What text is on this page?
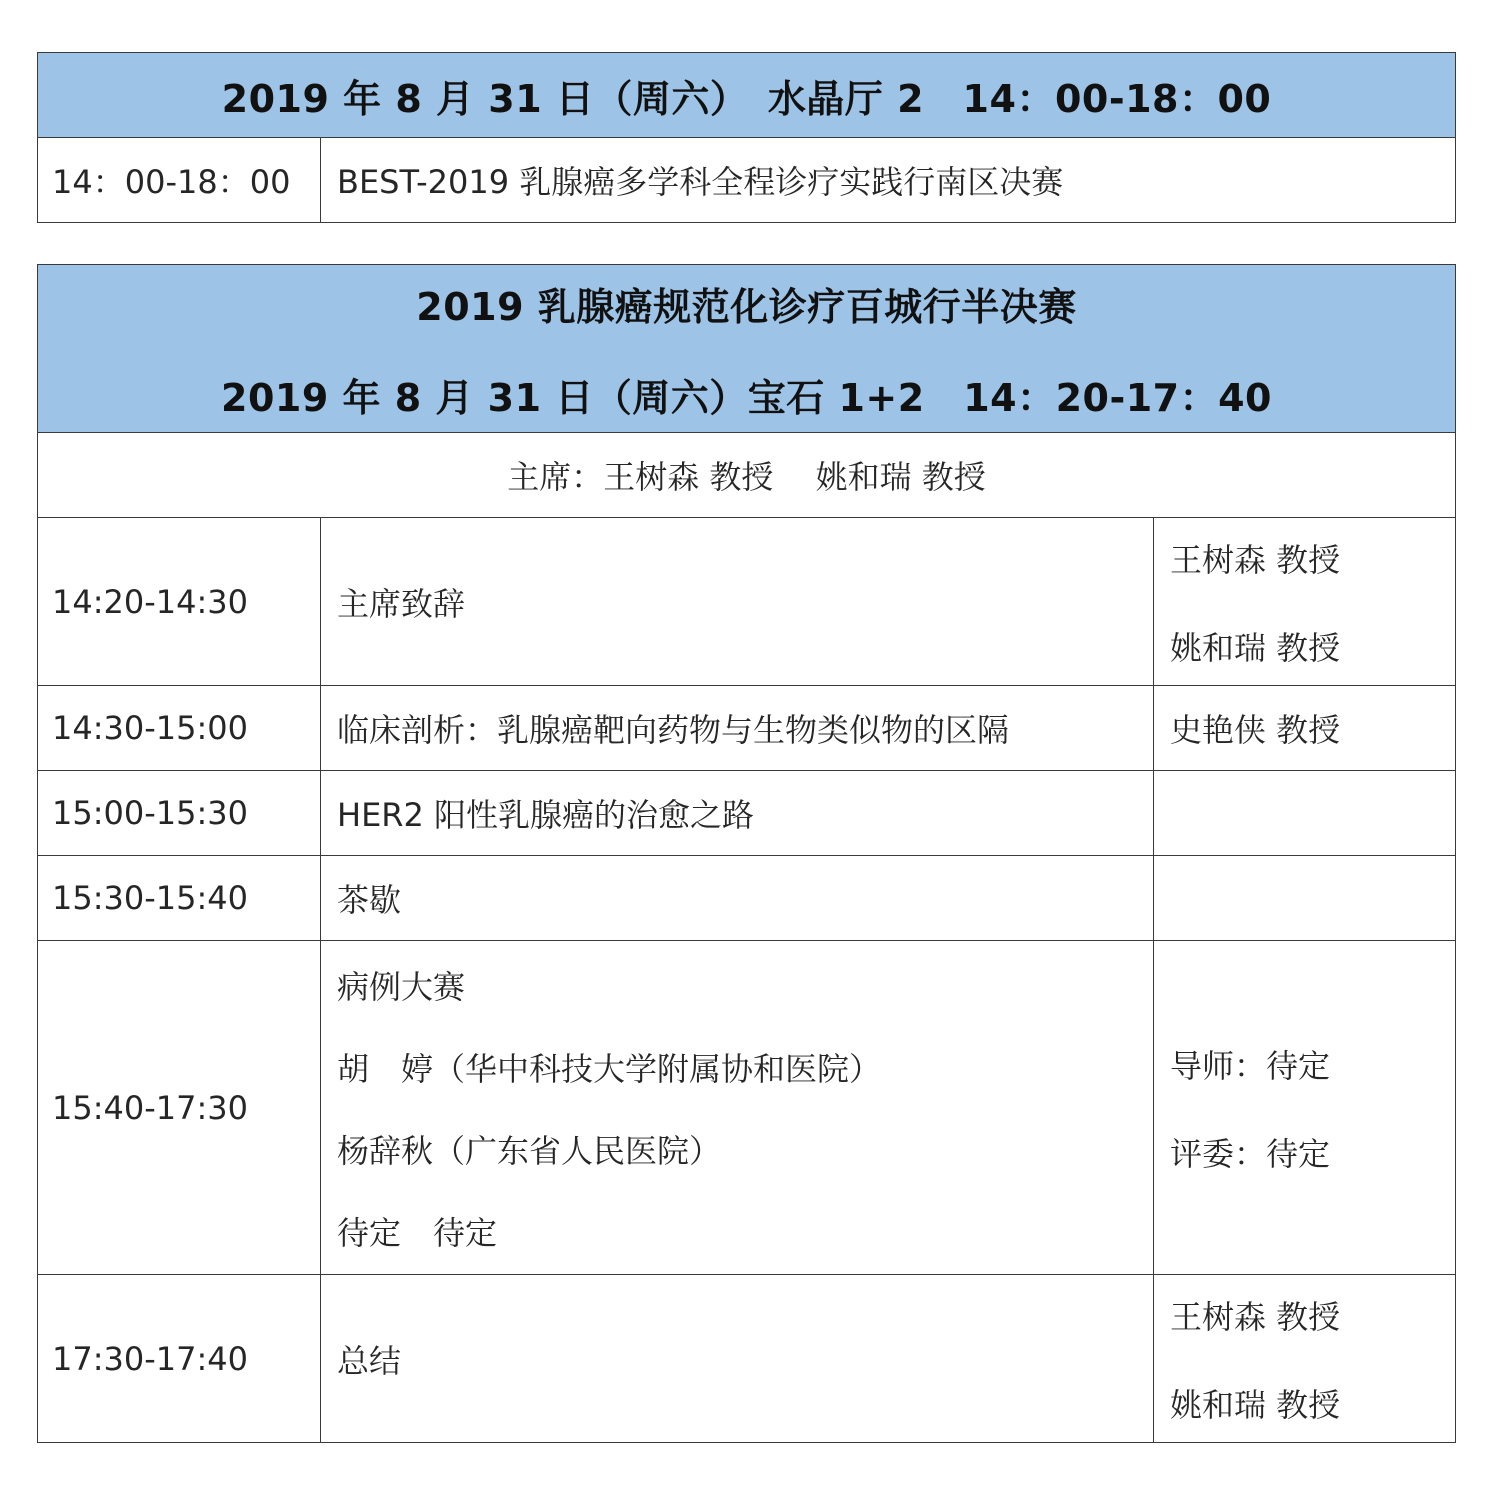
2019 年 8 月 31 日（周六）　水晶厅 2　14：00-18：00
14：00-18：00	BEST-2019 乳腺癌多学科全程诊疗实践行南区决赛
2019 乳腺癌规范化诊疗百城行半决赛
2019 年 8 月 31 日（周六）宝石 1+2　14：20-17：40		

主席：王树森 教授　 姚和瑞 教授		
14:20-14:30	主席致辞	王树森 教授
姚和瑞 教授

14:30-15:00	临床剖析：乳腺癌靶向药物与生物类似物的区隔	史艳侠 教授

15:00-15:30	HER2 阳性乳腺癌的治愈之路	

15:30-15:40	茶歇	

15:40-17:30	病例大赛
胡　婷（华中科技大学附属协和医院）
杨辞秋（广东省人民医院）
待定　待定	导师：待定
评委：待定

17:30-17:40	总结	王树森 教授
姚和瑞 教授
